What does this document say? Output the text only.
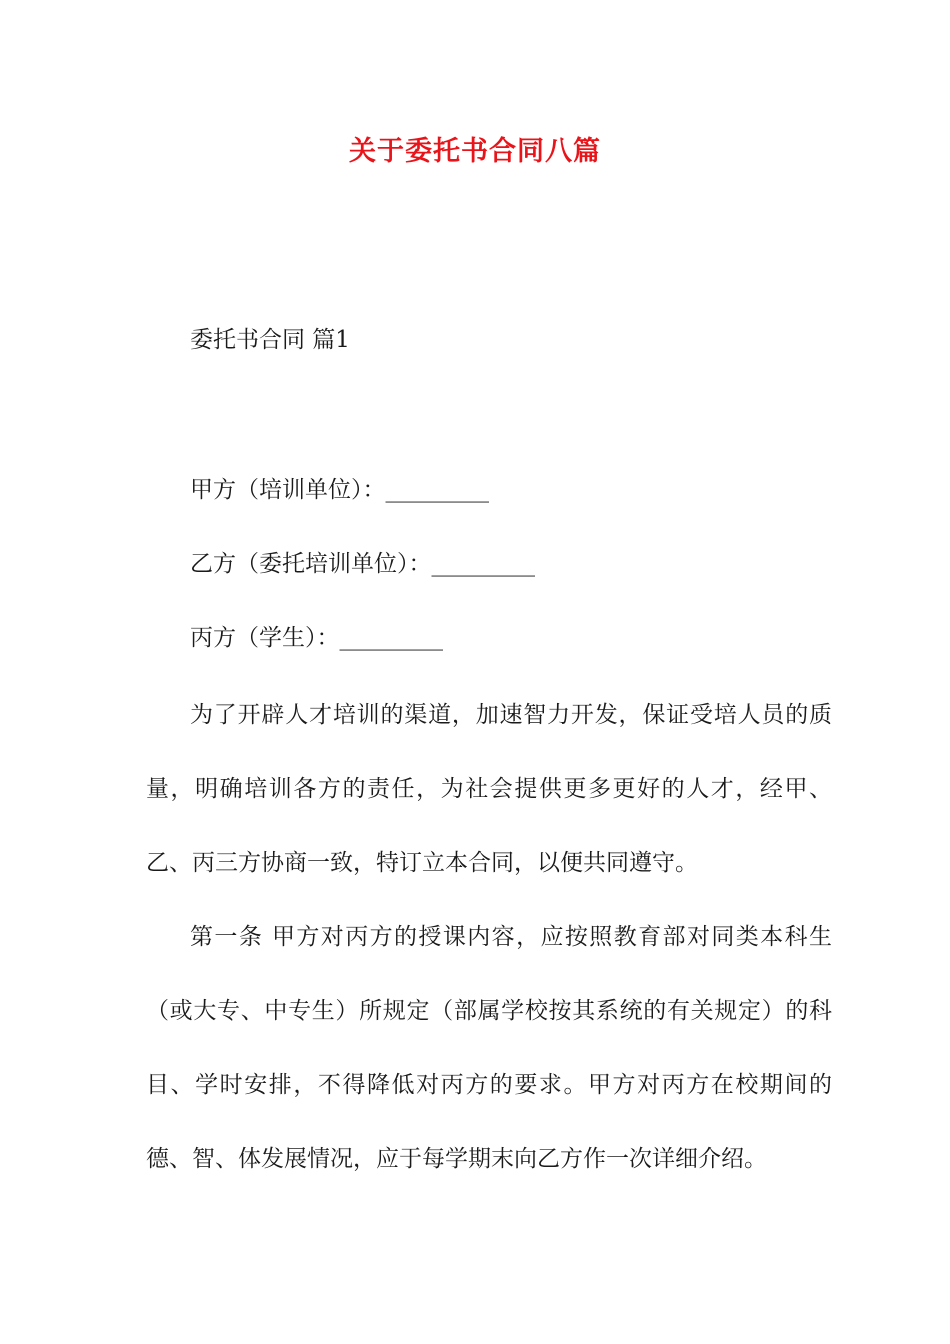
关于委托书合同八篇
委托书合同 篇1
甲方（培训单位）：_________
乙方（委托培训单位）：_________
丙方（学生）：_________

为了开辟人才培训的渠道，加速智力开发，保证受培人员的质量，明确培训各方的责任，为社会提供更多更好的人才，经甲、乙、丙三方协商一致，特订立本合同，以便共同遵守。

第一条 甲方对丙方的授课内容，应按照教育部对同类本科生（或大专、中专生）所规定（部属学校按其系统的有关规定）的科目、学时安排，不得降低对丙方的要求。甲方对丙方在校期间的德、智、体发展情况，应于每学期末向乙方作一次详细介绍。
